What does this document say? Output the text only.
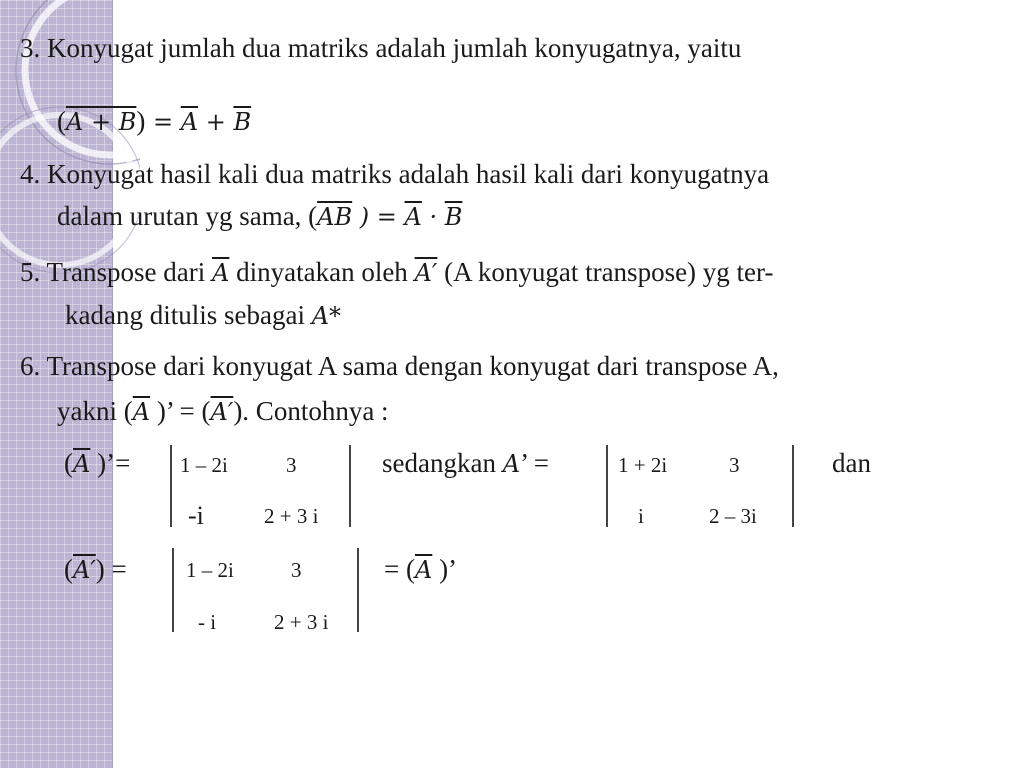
3. Konyugat jumlah dua matriks adalah jumlah konyugatnya, yaitu
$(A + B) = \overline{A} + \overline{B}$
4. Konyugat hasil kali dua matriks adalah hasil kali dari konyugatnya
dalam urutan yg sama, ($\overline{AB}$ ) = $\overline{A} \cdot \overline{B}$
5. Transpose dari $\overline{A}$ dinyatakan oleh A′ (A konyugat transpose) yg ter-
kadang ditulis sebagai A*
6. Transpose dari konyugat A sama dengan konyugat dari transpose A,
yakni ($\overline{A}$ )’ = (A′). Contohnya :
($\overline{A}$ )’= 1 – 2i	3
-i	2 + 3 i
sedangkan A’ =	1 + 2i	3
i	2 – 3i
dan
(A′) =	1 – 2i	3
- i	2 + 3 i
= ($\overline{A}$ )’
